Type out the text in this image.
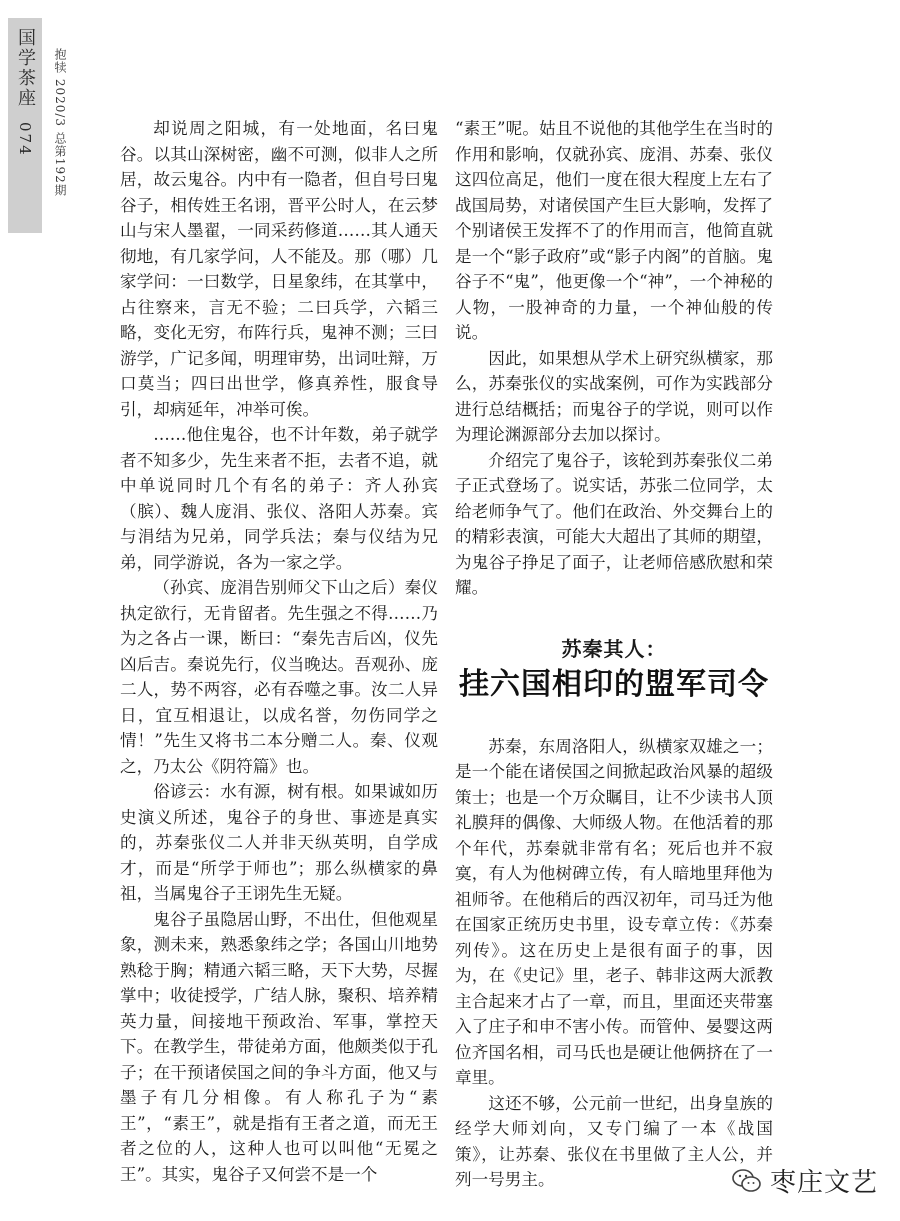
国学茶座
074 抱犊 2020/3 总第192期	却说周之阳城，有一处地面，名曰鬼谷。以其山深树密，幽不可测，似非人之所居，故云鬼谷。内中有一隐者，但自号曰鬼谷子，相传姓王名诩，晋平公时人，在云梦山与宋人墨翟，一同采药修道……其人通天彻地，有几家学问，人不能及。那（哪）几家学问：一曰数学，日星象纬，在其掌中，占往察来，言无不验；二曰兵学，六韬三略，变化无穷，布阵行兵，鬼神不测；三曰游学，广记多闻，明理审势，出词吐辩，万口莫当；四曰出世学，修真养性，服食导引，却病延年，冲举可俟。

……他住鬼谷，也不计年数，弟子就学者不知多少，先生来者不拒，去者不追，就中单说同时几个有名的弟子：齐人孙宾（膑）、魏人庞涓、张仪、洛阳人苏秦。宾与涓结为兄弟，同学兵法；秦与仪结为兄弟，同学游说，各为一家之学。

（孙宾、庞涓告别师父下山之后）秦仪执定欲行，无肯留者。先生强之不得……乃为之各占一课，断曰：“秦先吉后凶，仪先凶后吉。秦说先行，仪当晚达。吾观孙、庞二人，势不两容，必有吞噬之事。汝二人异日，宜互相退让，以成名誉，勿伤同学之情！”先生又将书二本分赠二人。秦、仪观之，乃太公《阴符篇》也。

俗谚云：水有源，树有根。如果诚如历史演义所述，鬼谷子的身世、事迹是真实的，苏秦张仪二人并非天纵英明，自学成才，而是“所学于师也”；那么纵横家的鼻祖，当属鬼谷子王诩先生无疑。

鬼谷子虽隐居山野，不出仕，但他观星象，测未来，熟悉象纬之学；各国山川地势熟稔于胸；精通六韬三略，天下大势，尽握掌中；收徒授学，广结人脉，聚积、培养精英力量，间接地干预政治、军事，掌控天下。在教学生，带徒弟方面，他颇类似于孔子；在干预诸侯国之间的争斗方面，他又与墨子有几分相像。有人称孔子为“素王”，“素王”，就是指有王者之道，而无王者之位的人，这种人也可以叫他“无冕之王”。其实，鬼谷子又何尝不是一个

“素王”呢。姑且不说他的其他学生在当时的作用和影响，仅就孙宾、庞涓、苏秦、张仪这四位高足，他们一度在很大程度上左右了战国局势，对诸侯国产生巨大影响，发挥了个别诸侯王发挥不了的作用而言，他简直就是一个“影子政府”或“影子内阁”的首脑。鬼谷子不“鬼”，他更像一个“神”，一个神秘的人物，一股神奇的力量，一个神仙般的传说。

因此，如果想从学术上研究纵横家，那么，苏秦张仪的实战案例，可作为实践部分进行总结概括；而鬼谷子的学说，则可以作为理论渊源部分去加以探讨。

介绍完了鬼谷子，该轮到苏秦张仪二弟子正式登场了。说实话，苏张二位同学，太给老师争气了。他们在政治、外交舞台上的的精彩表演，可能大大超出了其师的期望，为鬼谷子挣足了面子，让老师倍感欣慰和荣耀。

苏秦其人：
挂六国相印的盟军司令

苏秦，东周洛阳人，纵横家双雄之一；是一个能在诸侯国之间掀起政治风暴的超级策士；也是一个万众瞩目，让不少读书人顶礼膜拜的偶像、大师级人物。在他活着的那个年代，苏秦就非常有名；死后也并不寂寞，有人为他树碑立传，有人暗地里拜他为祖师爷。在他稍后的西汉初年，司马迁为他在国家正统历史书里，设专章立传：《苏秦列传》。这在历史上是很有面子的事，因为，在《史记》里，老子、韩非这两大派教主合起来才占了一章，而且，里面还夹带塞入了庄子和申不害小传。而管仲、晏婴这两位齐国名相，司马氏也是硬让他俩挤在了一章里。

这还不够，公元前一世纪，出身皇族的经学大师刘向，又专门编了一本《战国策》，让苏秦、张仪在书里做了主人公，并列一号男主。	枣庄文艺
